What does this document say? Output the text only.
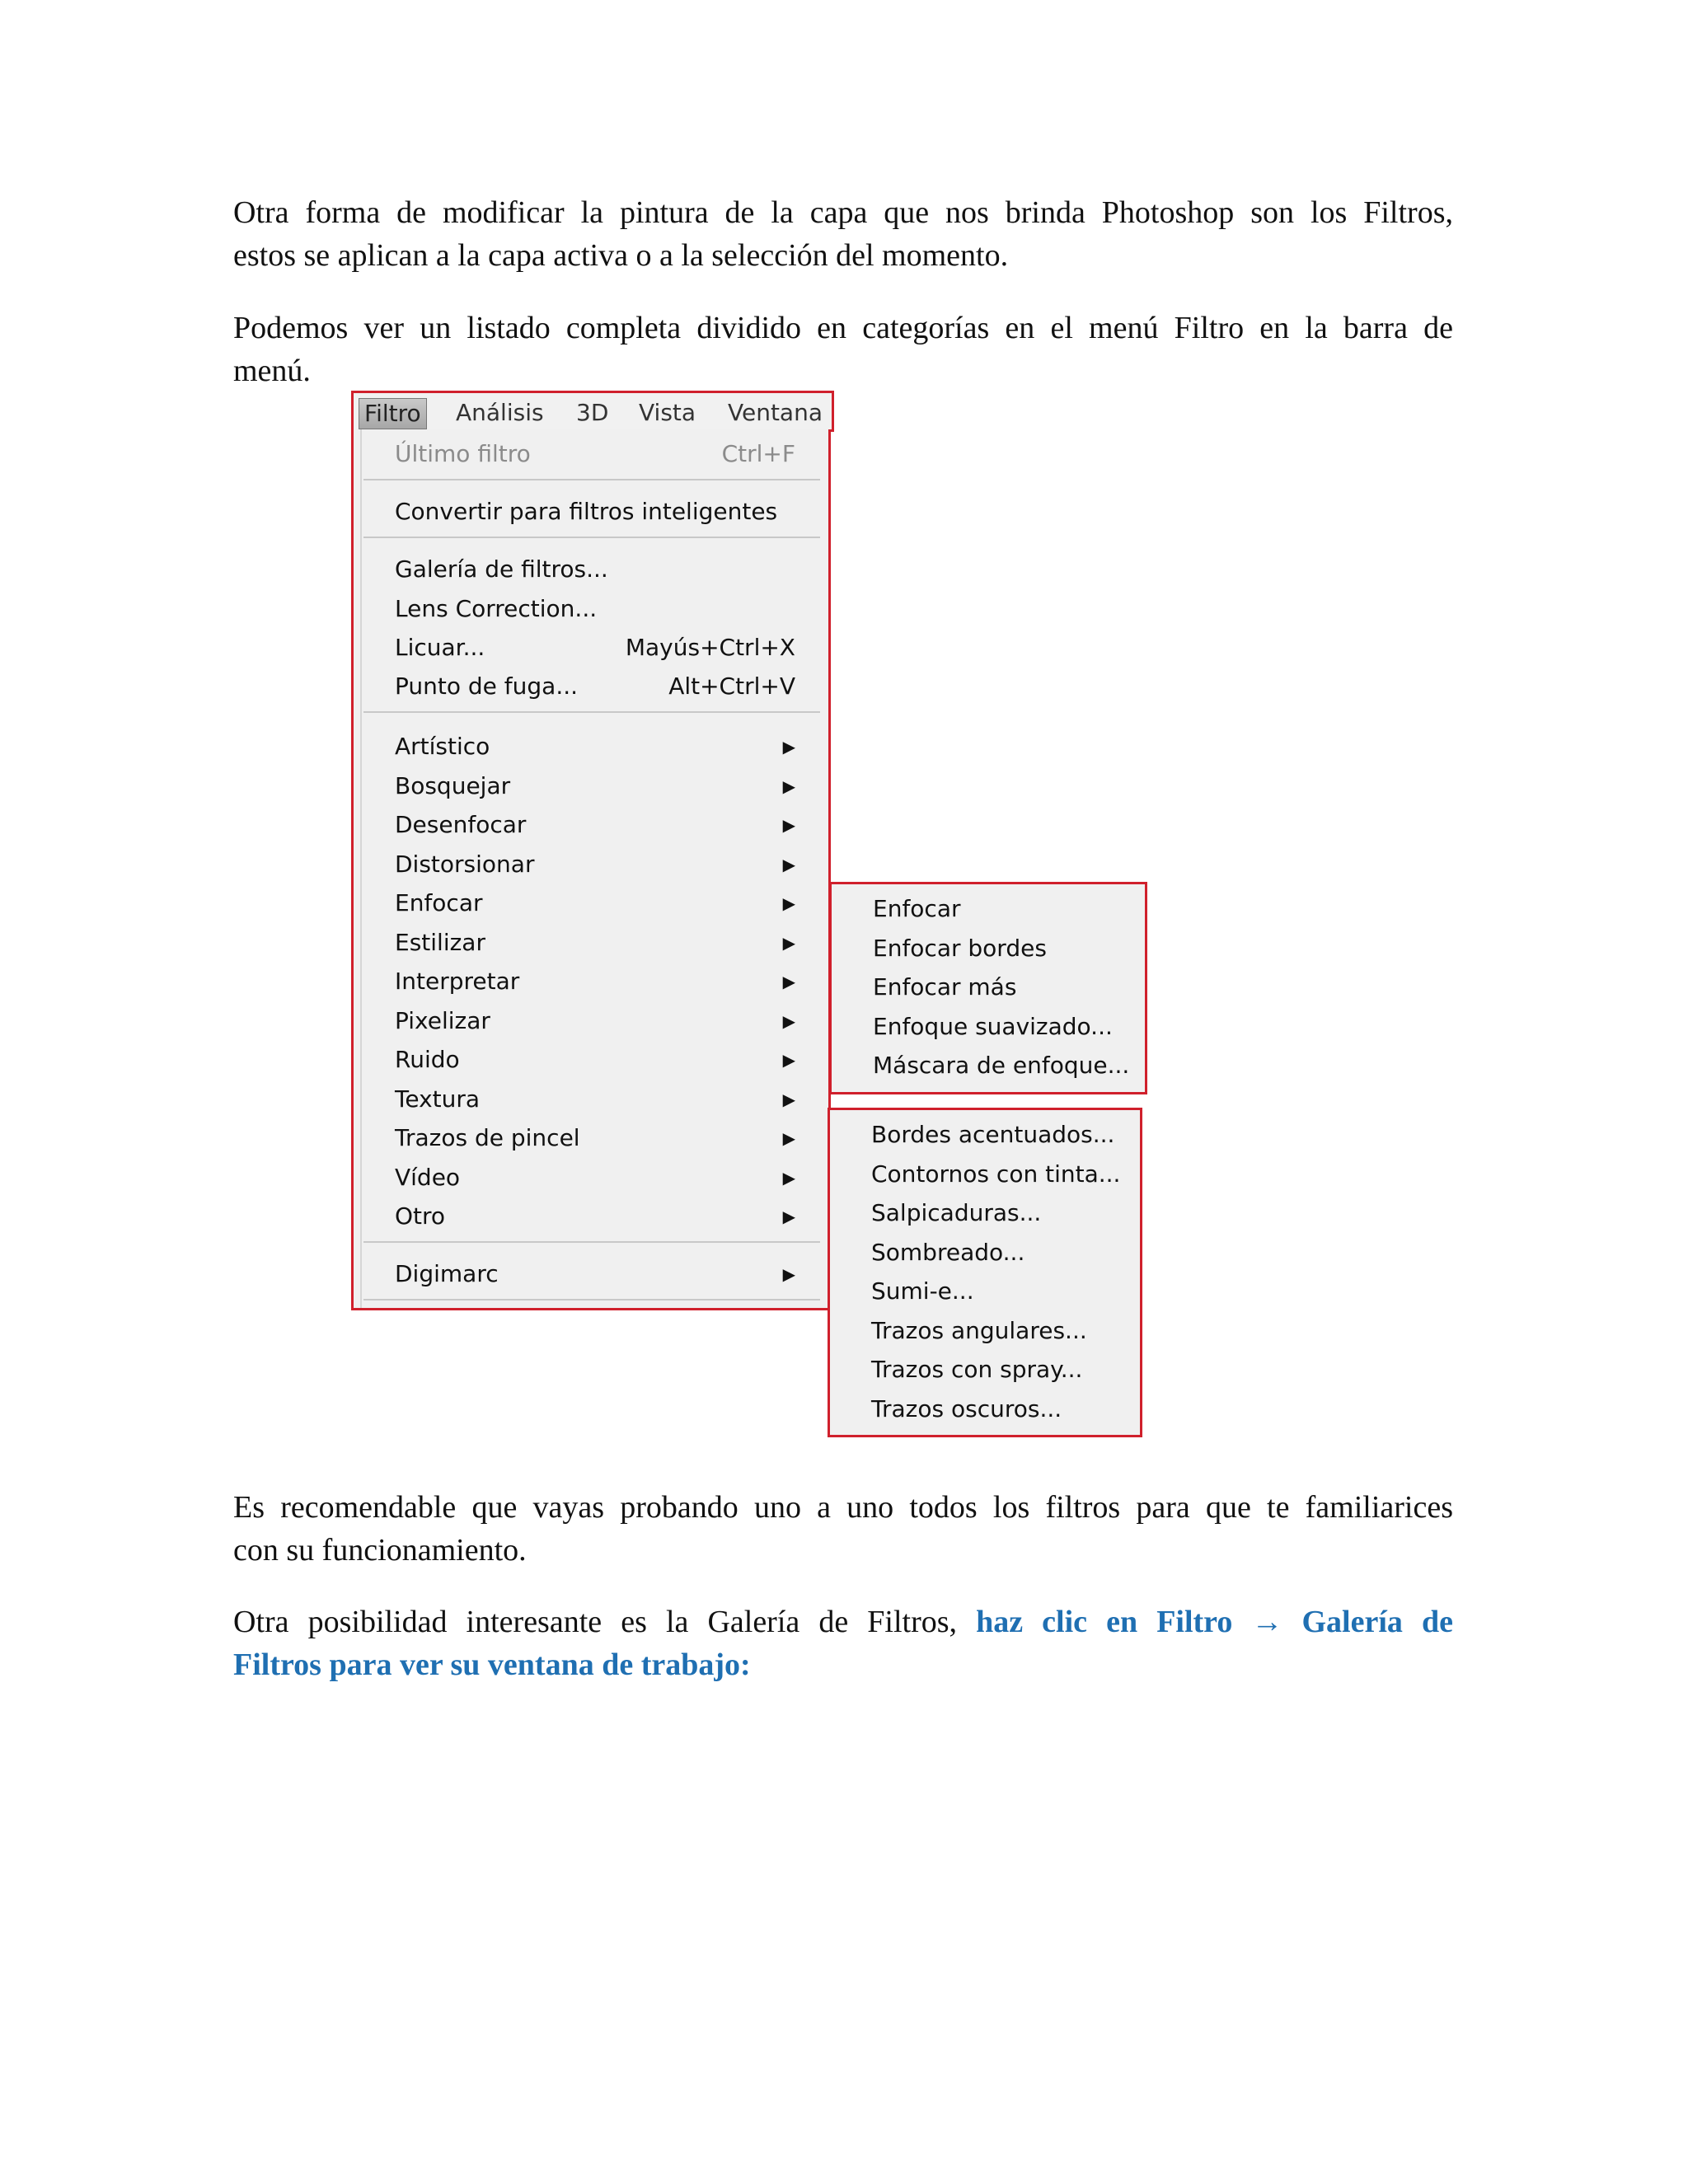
Otra forma de modificar la pintura de la capa que nos brinda Photoshop son los Filtros,
estos se aplican a la capa activa o a la selección del momento.

Podemos ver un listado completa dividido en categorías en el menú Filtro en la barra de
menú.

Filtro Análisis 3D Vista Ventana
Último filtro	Ctrl+F
Convertir para filtros inteligentes
Galería de filtros...
Lens Correction...
Licuar...	Mayús+Ctrl+X
Punto de fuga...	Alt+Ctrl+V
Artístico	▶
Bosquejar	▶
Desenfocar	▶
Distorsionar	▶
Enfocar	▶
Estilizar	▶
Interpretar	▶
Pixelizar	▶
Ruido	▶
Textura	▶
Trazos de pincel	▶
Vídeo	▶
Otro	▶
Digimarc	▶
Enfocar
Enfocar bordes
Enfocar más
Enfoque suavizado...
Máscara de enfoque...
Bordes acentuados...
Contornos con tinta...
Salpicaduras...
Sombreado...
Sumi-e...
Trazos angulares...
Trazos con spray...
Trazos oscuros...

Es recomendable que vayas probando uno a uno todos los filtros para que te familiarices
con su funcionamiento.

Otra posibilidad interesante es la Galería de Filtros, haz clic en Filtro → Galería de
Filtros para ver su ventana de trabajo:
